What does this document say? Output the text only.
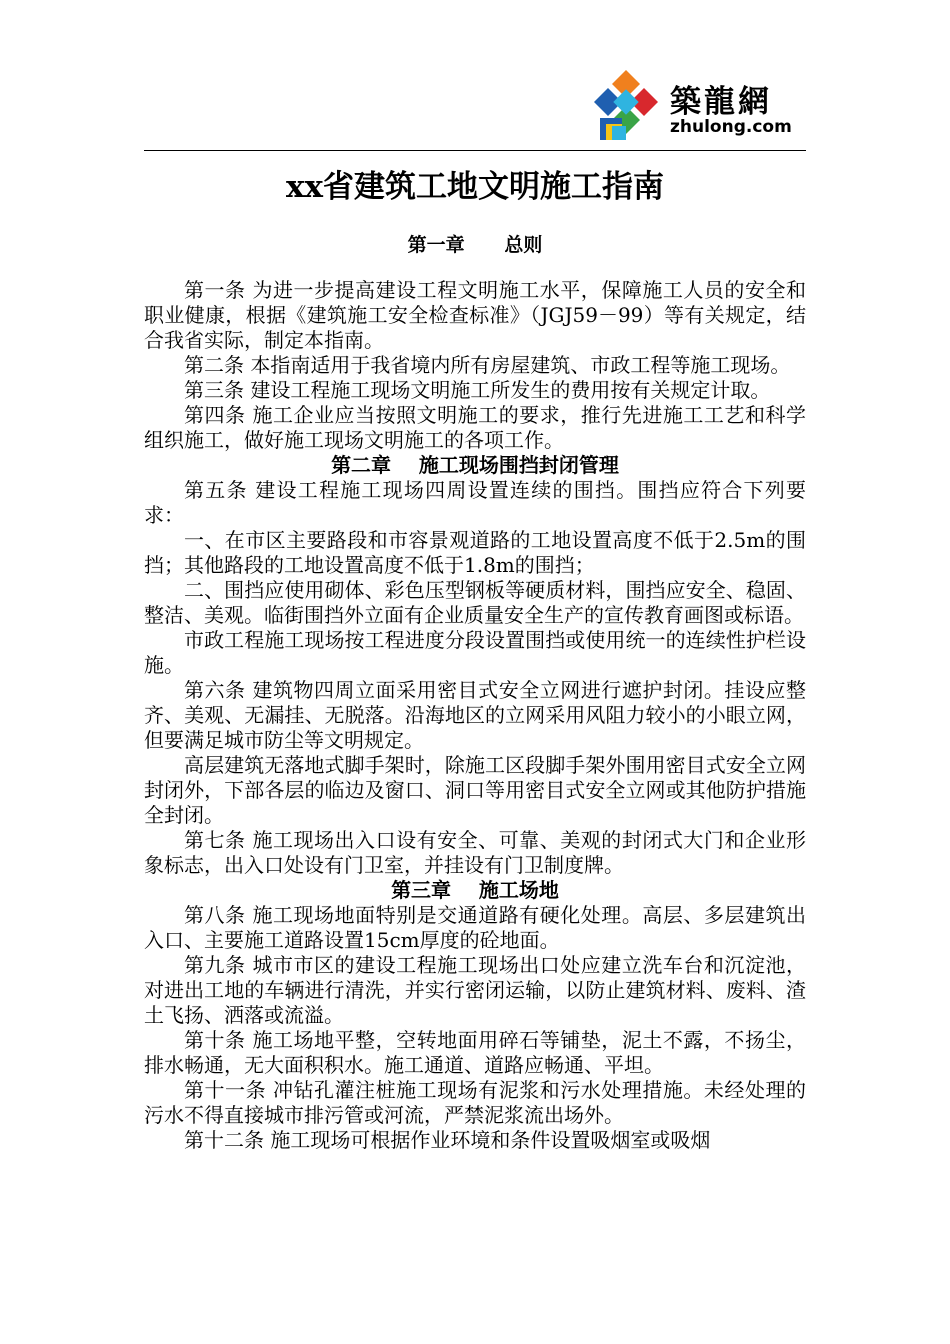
築龍網
zhulong.com
xx省建筑工地文明施工指南
第一章      总则

第一条 为进一步提高建设工程文明施工水平，保障施工人员的安全和职业健康，根据《建筑施工安全检查标准》（JGJ59－99）等有关规定，结合我省实际，制定本指南。

第二条 本指南适用于我省境内所有房屋建筑、市政工程等施工现场。

第三条 建设工程施工现场文明施工所发生的费用按有关规定计取。

第四条 施工企业应当按照文明施工的要求，推行先进施工工艺和科学组织施工，做好施工现场文明施工的各项工作。

第二章    施工现场围挡封闭管理

第五条 建设工程施工现场四周设置连续的围挡。围挡应符合下列要求：

一、在市区主要路段和市容景观道路的工地设置高度不低于2.5m的围挡；其他路段的工地设置高度不低于1.8m的围挡；

二、围挡应使用砌体、彩色压型钢板等硬质材料，围挡应安全、稳固、整洁、美观。临街围挡外立面有企业质量安全生产的宣传教育画图或标语。

市政工程施工现场按工程进度分段设置围挡或使用统一的连续性护栏设施。

第六条 建筑物四周立面采用密目式安全立网进行遮护封闭。挂设应整齐、美观、无漏挂、无脱落。沿海地区的立网采用风阻力较小的小眼立网，但要满足城市防尘等文明规定。

高层建筑无落地式脚手架时，除施工区段脚手架外围用密目式安全立网封闭外，下部各层的临边及窗口、洞口等用密目式安全立网或其他防护措施全封闭。

第七条 施工现场出入口设有安全、可靠、美观的封闭式大门和企业形象标志，出入口处设有门卫室，并挂设有门卫制度牌。

第三章    施工场地

第八条 施工现场地面特别是交通道路有硬化处理。高层、多层建筑出入口、主要施工道路设置15cm厚度的砼地面。

第九条 城市市区的建设工程施工现场出口处应建立洗车台和沉淀池，对进出工地的车辆进行清洗，并实行密闭运输，以防止建筑材料、废料、渣土飞扬、洒落或流溢。

第十条 施工场地平整，空转地面用碎石等铺垫，泥土不露，不扬尘，排水畅通，无大面积积水。施工通道、道路应畅通、平坦。

第十一条 冲钻孔灌注桩施工现场有泥浆和污水处理措施。未经处理的污水不得直接城市排污管或河流，严禁泥浆流出场外。

第十二条 施工现场可根据作业环境和条件设置吸烟室或吸烟
